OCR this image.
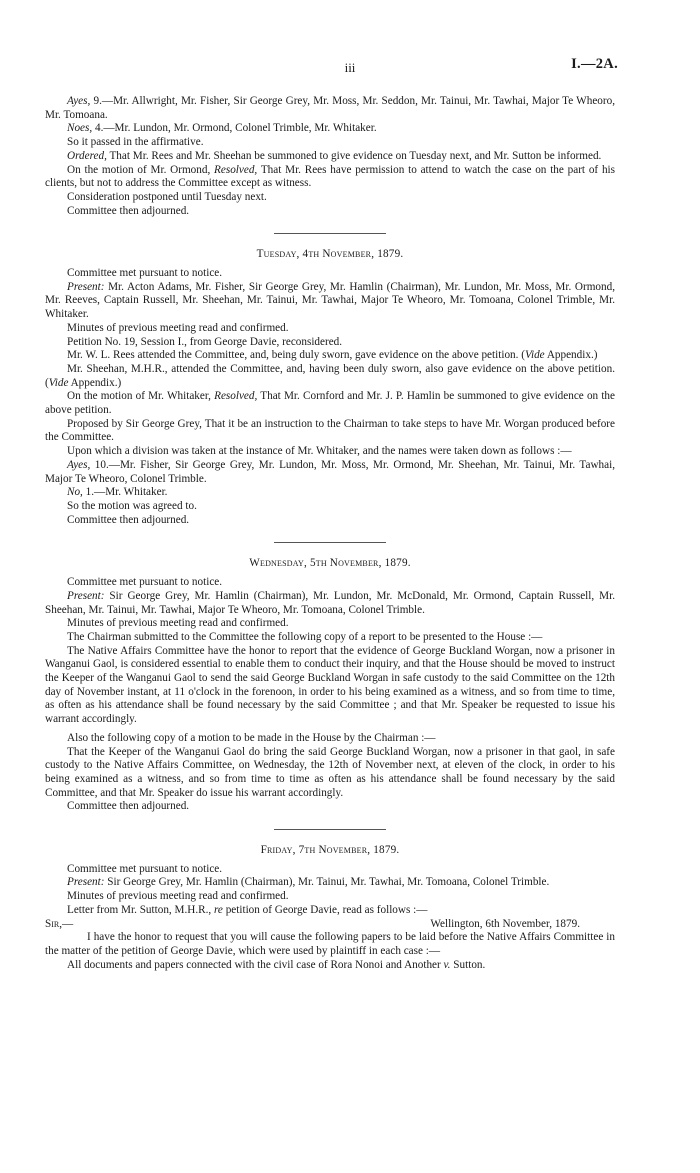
iii	I.—2A.

Ayes, 9.—Mr. Allwright, Mr. Fisher, Sir George Grey, Mr. Moss, Mr. Seddon, Mr. Tainui, Mr. Tawhai, Major Te Wheoro, Mr. Tomoana.

Noes, 4.—Mr. Lundon, Mr. Ormond, Colonel Trimble, Mr. Whitaker.

So it passed in the affirmative.

Ordered, That Mr. Rees and Mr. Sheehan be summoned to give evidence on Tuesday next, and Mr. Sutton be informed.

On the motion of Mr. Ormond, Resolved, That Mr. Rees have permission to attend to watch the case on the part of his clients, but not to address the Committee except as witness.

Consideration postponed until Tuesday next.

Committee then adjourned.

Tuesday, 4th November, 1879.

Committee met pursuant to notice.

Present: Mr. Acton Adams, Mr. Fisher, Sir George Grey, Mr. Hamlin (Chairman), Mr. Lundon, Mr. Moss, Mr. Ormond, Mr. Reeves, Captain Russell, Mr. Sheehan, Mr. Tainui, Mr. Tawhai, Major Te Wheoro, Mr. Tomoana, Colonel Trimble, Mr. Whitaker.

Minutes of previous meeting read and confirmed.

Petition No. 19, Session I., from George Davie, reconsidered.

Mr. W. L. Rees attended the Committee, and, being duly sworn, gave evidence on the above petition. (Vide Appendix.)

Mr. Sheehan, M.H.R., attended the Committee, and, having been duly sworn, also gave evidence on the above petition. (Vide Appendix.)

On the motion of Mr. Whitaker, Resolved, That Mr. Cornford and Mr. J. P. Hamlin be summoned to give evidence on the above petition.

Proposed by Sir George Grey, That it be an instruction to the Chairman to take steps to have Mr. Worgan produced before the Committee.

Upon which a division was taken at the instance of Mr. Whitaker, and the names were taken down as follows :—

Ayes, 10.—Mr. Fisher, Sir George Grey, Mr. Lundon, Mr. Moss, Mr. Ormond, Mr. Sheehan, Mr. Tainui, Mr. Tawhai, Major Te Wheoro, Colonel Trimble.

No, 1.—Mr. Whitaker.

So the motion was agreed to.

Committee then adjourned.

Wednesday, 5th November, 1879.

Committee met pursuant to notice.

Present: Sir George Grey, Mr. Hamlin (Chairman), Mr. Lundon, Mr. McDonald, Mr. Ormond, Captain Russell, Mr. Sheehan, Mr. Tainui, Mr. Tawhai, Major Te Wheoro, Mr. Tomoana, Colonel Trimble.

Minutes of previous meeting read and confirmed.

The Chairman submitted to the Committee the following copy of a report to be presented to the House :—

The Native Affairs Committee have the honor to report that the evidence of George Buckland Worgan, now a prisoner in Wanganui Gaol, is considered essential to enable them to conduct their inquiry, and that the House should be moved to instruct the Keeper of the Wanganui Gaol to send the said George Buckland Worgan in safe custody to the said Committee on the 12th day of November instant, at 11 o'clock in the forenoon, in order to his being examined as a witness, and so from time to time, as often as his attendance shall be found necessary by the said Committee ; and that Mr. Speaker be requested to issue his warrant accordingly.

Also the following copy of a motion to be made in the House by the Chairman :—

That the Keeper of the Wanganui Gaol do bring the said George Buckland Worgan, now a prisoner in that gaol, in safe custody to the Native Affairs Committee, on Wednesday, the 12th of November next, at eleven of the clock, in order to his being examined as a witness, and so from time to time as often as his attendance shall be found necessary by the said Committee, and that Mr. Speaker do issue his warrant accordingly.

Committee then adjourned.

Friday, 7th November, 1879.

Committee met pursuant to notice.

Present: Sir George Grey, Mr. Hamlin (Chairman), Mr. Tainui, Mr. Tawhai, Mr. Tomoana, Colonel Trimble.

Minutes of previous meeting read and confirmed.

Letter from Mr. Sutton, M.H.R., re petition of George Davie, read as follows :—

Sir,—	Wellington, 6th November, 1879.

I have the honor to request that you will cause the following papers to be laid before the Native Affairs Committee in the matter of the petition of George Davie, which were used by plaintiff in each case :—

All documents and papers connected with the civil case of Rora Nonoi and Another v. Sutton.
